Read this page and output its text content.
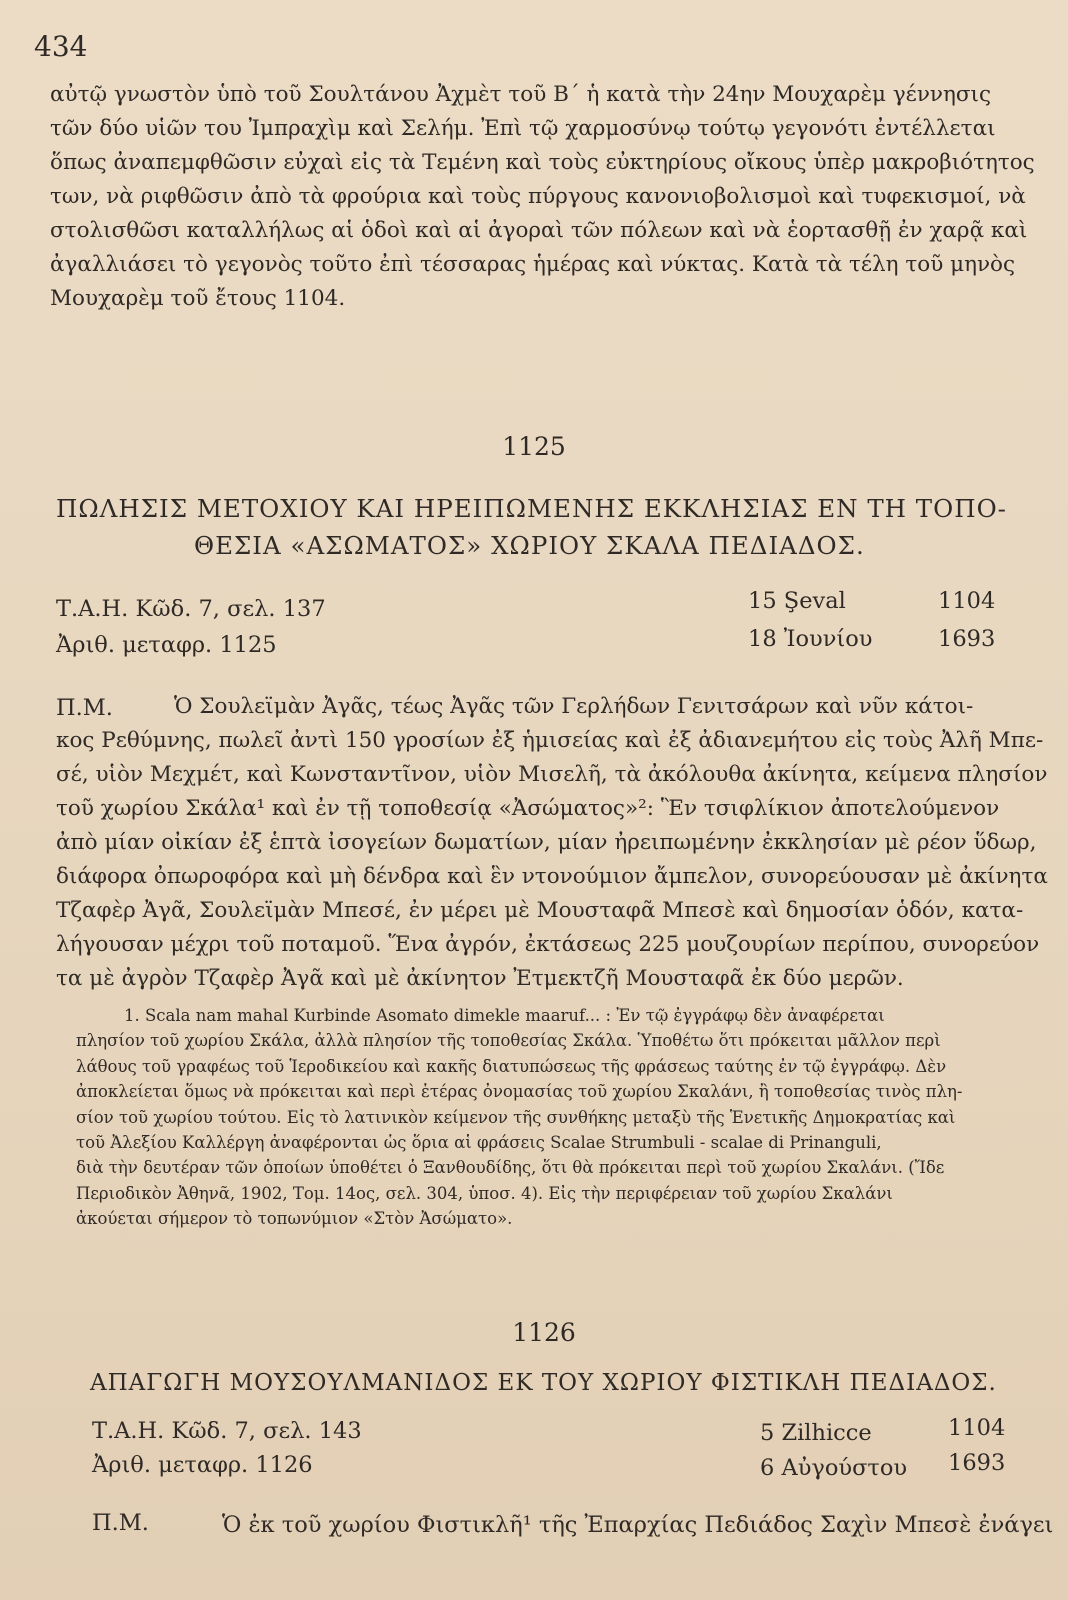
434
αὐτῷ γνωστὸν ὑπὸ τοῦ Σουλτάνου Ἀχμὲτ τοῦ Β΄ ἡ κατὰ τὴν 24ην Μουχαρὲμ γέννησις
τῶν δύο υἱῶν του Ἰμπραχὶμ καὶ Σελήμ. Ἐπὶ τῷ χαρμοσύνῳ τούτῳ γεγονότι ἐντέλλεται
ὅπως ἀναπεμφθῶσιν εὐχαὶ εἰς τὰ Τεμένη καὶ τοὺς εὐκτηρίους οἴκους ὑπὲρ μακροβιότητος
των, νὰ ριφθῶσιν ἀπὸ τὰ φρούρια καὶ τοὺς πύργους κανονιοβολισμοὶ καὶ τυφεκισμοί, νὰ
στολισθῶσι καταλλήλως αἱ ὁδοὶ καὶ αἱ ἀγοραὶ τῶν πόλεων καὶ νὰ ἑορτασθῇ ἐν χαρᾷ καὶ
ἀγαλλιάσει τὸ γεγονὸς τοῦτο ἐπὶ τέσσαρας ἡμέρας καὶ νύκτας. Κατὰ τὰ τέλη τοῦ μηνὸς
Μουχαρὲμ τοῦ ἔτους 1104.
1125
ΠΩΛΗΣΙΣ ΜΕΤΟΧΙΟΥ ΚΑΙ ΗΡΕΙΠΩΜΕΝΗΣ ΕΚΚΛΗΣΙΑΣ ΕΝ ΤΗ ΤΟΠΟ-
ΘΕΣΙΑ «ΑΣΩΜΑΤΟΣ» ΧΩΡΙΟΥ ΣΚΑΛΑ ΠΕΔΙΑΔΟΣ.
Τ.Α.Η. Κῶδ. 7, σελ. 137
Ἀριθ. μεταφρ. 1125
15 Şeval	1104
18 Ἰουνίου	1693
Π.Μ.	Ὁ Σουλεϊμὰν Ἀγᾶς, τέως Ἀγᾶς τῶν Γερλήδων Γενιτσάρων καὶ νῦν κάτοι-
κος Ρεθύμνης, πωλεῖ ἀντὶ 150 γροσίων ἐξ ἡμισείας καὶ ἐξ ἀδιανεμήτου εἰς τοὺς Ἀλῆ Μπε-
σέ, υἱὸν Μεχμέτ, καὶ Κωνσταντῖνον, υἱὸν Μισελῆ, τὰ ἀκόλουθα ἀκίνητα, κείμενα πλησίον
τοῦ χωρίου Σκάλα¹ καὶ ἐν τῇ τοποθεσίᾳ «Ἀσώματος»²: Ἓν τσιφλίκιον ἀποτελούμενον
ἀπὸ μίαν οἰκίαν ἐξ ἑπτὰ ἰσογείων δωματίων, μίαν ἠρειπωμένην ἐκκλησίαν μὲ ρέον ὕδωρ,
διάφορα ὀπωροφόρα καὶ μὴ δένδρα καὶ ἓν ντονούμιον ἄμπελον, συνορεύουσαν μὲ ἀκίνητα
Τζαφὲρ Ἀγᾶ, Σουλεϊμὰν Μπεσέ, ἐν μέρει μὲ Μουσταφᾶ Μπεσὲ καὶ δημοσίαν ὁδόν, κατα-
λήγουσαν μέχρι τοῦ ποταμοῦ. Ἕνα ἀγρόν, ἐκτάσεως 225 μουζουρίων περίπου, συνορεύον
τα μὲ ἀγρὸν Τζαφὲρ Ἀγᾶ καὶ μὲ ἀκίνητον Ἐτμεκτζῆ Μουσταφᾶ ἐκ δύο μερῶν.
1. Scala nam mahal Kurbinde Asomato dimekle maaruf... : Ἐν τῷ ἐγγράφῳ δὲν ἀναφέρεται
πλησίον τοῦ χωρίου Σκάλα, ἀλλὰ πλησίον τῆς τοποθεσίας Σκάλα. Ὑποθέτω ὅτι πρόκειται μᾶλλον περὶ
λάθους τοῦ γραφέως τοῦ Ἱεροδικείου καὶ κακῆς διατυπώσεως τῆς φράσεως ταύτης ἐν τῷ ἐγγράφῳ. Δὲν
ἀποκλείεται ὅμως νὰ πρόκειται καὶ περὶ ἑτέρας ὀνομασίας τοῦ χωρίου Σκαλάνι, ἢ τοποθεσίας τινὸς πλη-
σίον τοῦ χωρίου τούτου. Εἰς τὸ λατινικὸν κείμενον τῆς συνθήκης μεταξὺ τῆς Ἑνετικῆς Δημοκρατίας καὶ
τοῦ Ἀλεξίου Καλλέργη ἀναφέρονται ὡς ὅρια αἱ φράσεις Scalae Strumbuli - scalae di Prinanguli,
διὰ τὴν δευτέραν τῶν ὁποίων ὑποθέτει ὁ Ξανθουδίδης, ὅτι θὰ πρόκειται περὶ τοῦ χωρίου Σκαλάνι. (Ἴδε
Περιοδικὸν Ἀθηνᾶ, 1902, Τομ. 14ος, σελ. 304, ὑποσ. 4). Εἰς τὴν περιφέρειαν τοῦ χωρίου Σκαλάνι
ἀκούεται σήμερον τὸ τοπωνύμιον «Στὸν Ἀσώματο».
1126
ΑΠΑΓΩΓΗ ΜΟΥΣΟΥΛΜΑΝΙΔΟΣ ΕΚ ΤΟΥ ΧΩΡΙΟΥ ΦΙΣΤΙΚΛΗ ΠΕΔΙΑΔΟΣ.
Τ.Α.Η. Κῶδ. 7, σελ. 143
Ἀριθ. μεταφρ. 1126
5 Zilhicce	1104
6 Αὐγούστου 1693
Π.Μ.	Ὁ ἐκ τοῦ χωρίου Φιστικλῆ¹ τῆς Ἐπαρχίας Πεδιάδος Σαχὶν Μπεσὲ ἐνάγει
